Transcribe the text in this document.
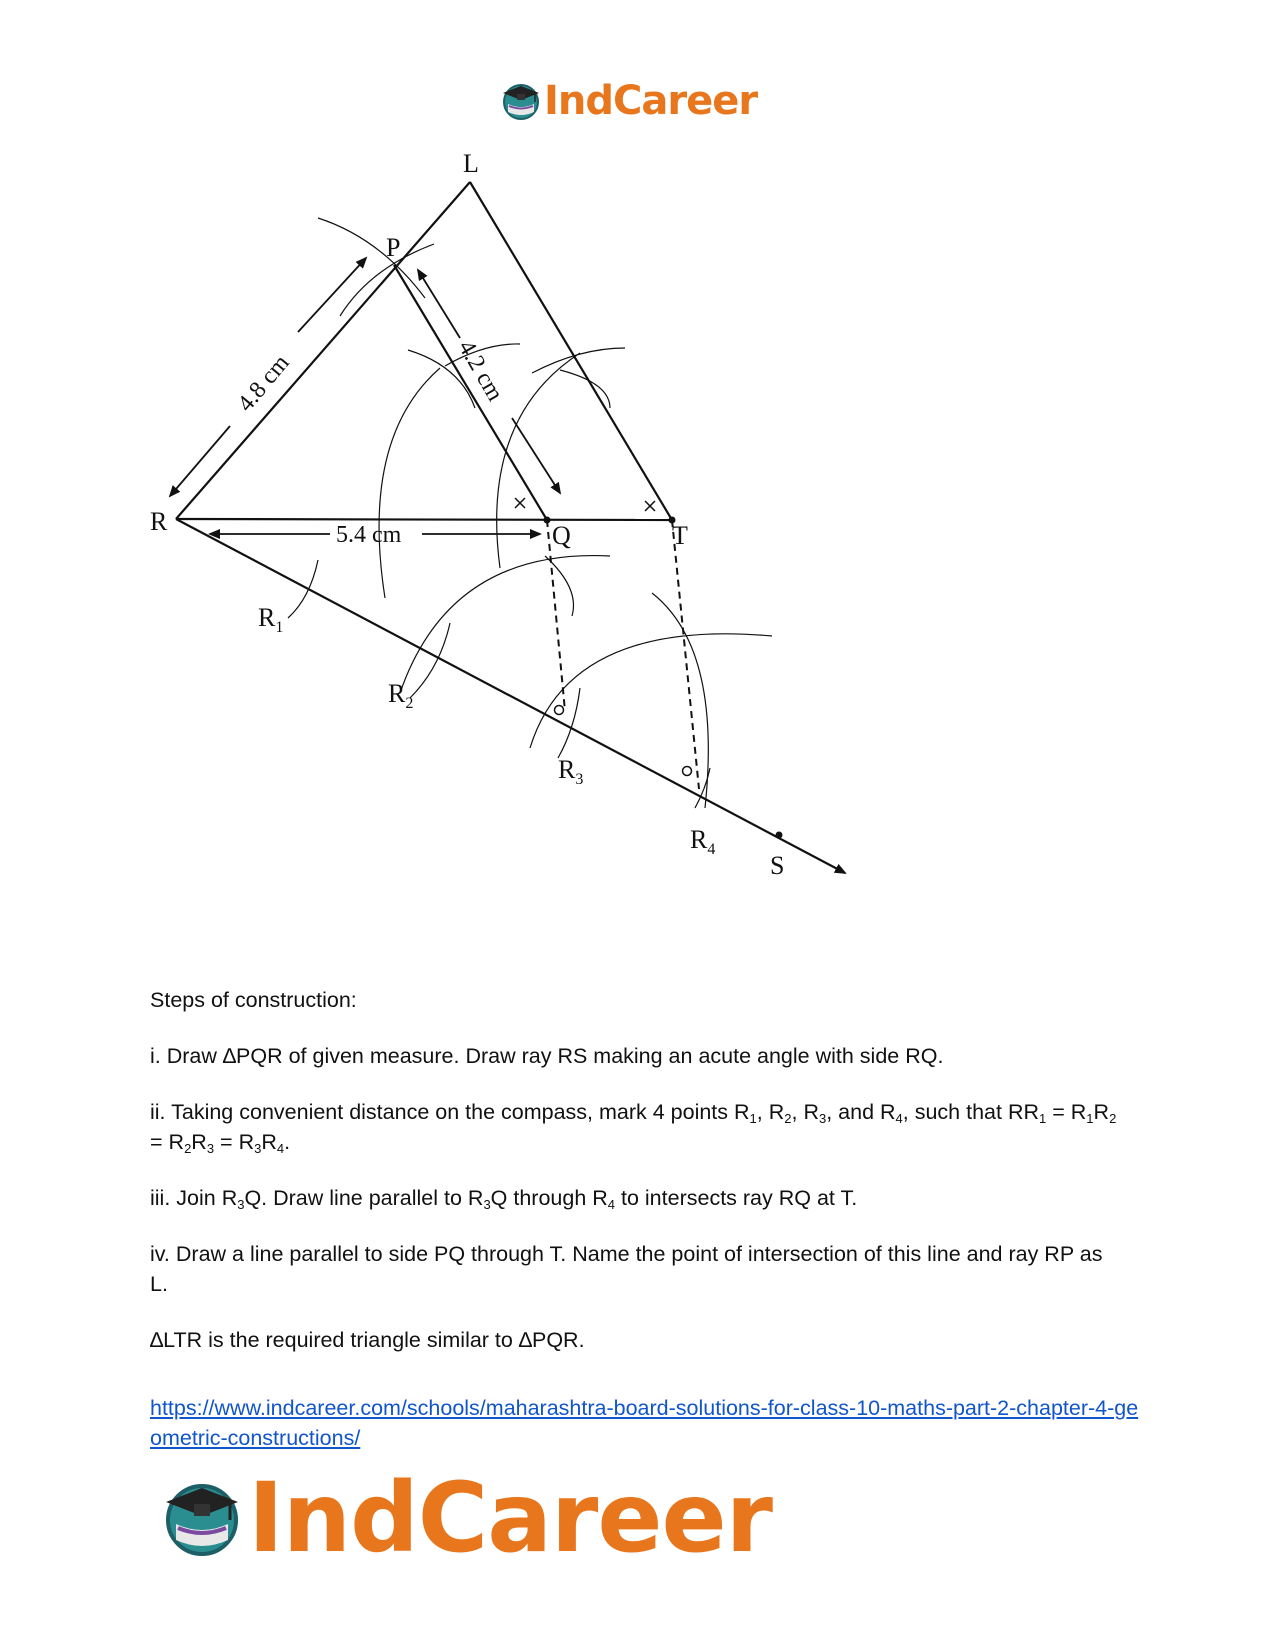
IndCareer
L
P
R	Q	T
S
$R_1$
$R_2$
$R_3$
$R_4$
4.8 cm	4.2 cm
5.4 cm

Steps of construction:

i. Draw ∆PQR of given measure. Draw ray RS making an acute angle with side RQ.

ii. Taking convenient distance on the compass, mark 4 points $R_1$, $R_2$, $R_3$, and $R_4$, such that $RR_1 = R_1R_2 = R_2R_3 = R_3R_4$.

iii. Join $R_3Q$. Draw line parallel to $R_3Q$ through $R_4$ to intersects ray RQ at T.

iv. Draw a line parallel to side PQ through T. Name the point of intersection of this line and ray RP as L.

∆LTR is the required triangle similar to ∆PQR.

https://www.indcareer.com/schools/maharashtra-board-solutions-for-class-10-maths-part-2-chapter-4-geometric-constructions/
IndCareer
